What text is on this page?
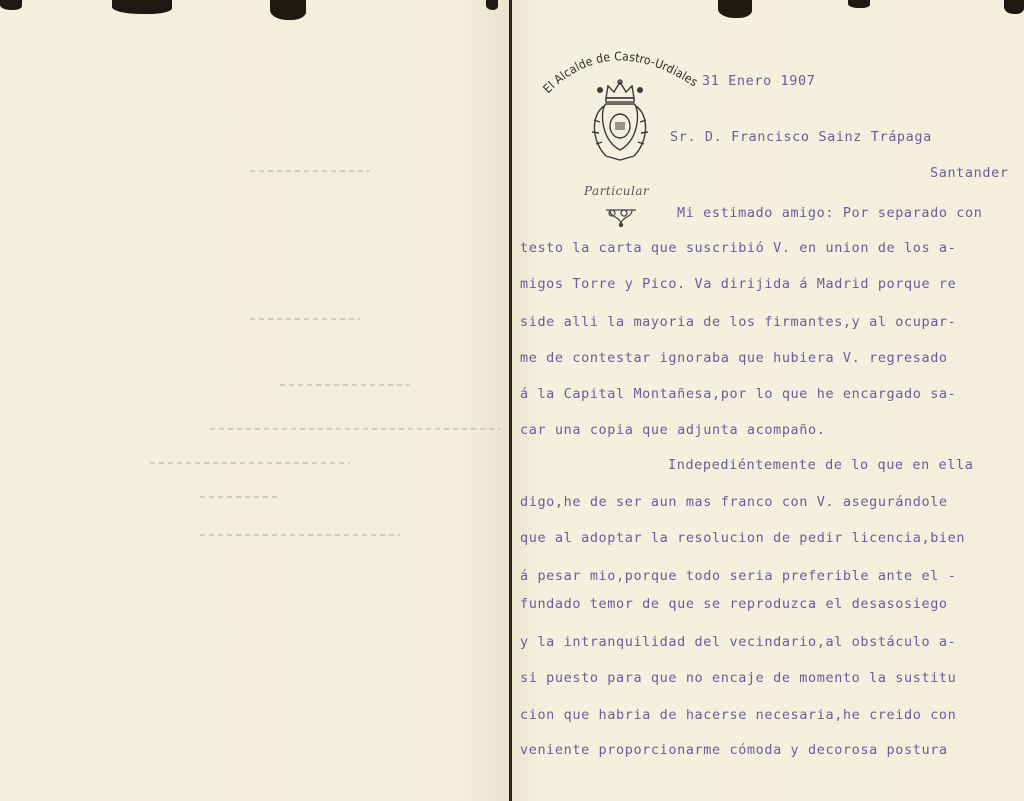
El Alcalde de Castro-Urdiales
Particular
31 Enero 1907
Sr. D. Francisco Sainz Trápaga
Santander
Mi estimado amigo: Por separado con
testo la carta que suscribió V. en union de los a-
migos Torre y Pico. Va dirijida á Madrid porque re
side alli la mayoria de los firmantes,y al ocupar-
me de contestar ignoraba que hubiera V. regresado
á la Capital Montañesa,por lo que he encargado sa-
car una copia que adjunta acompaño.
Indepediéntemente de lo que en ella
digo,he de ser aun mas franco con V. asegurándole
que al adoptar la resolucion de pedir licencia,bien
á pesar mio,porque todo seria preferible ante el -
fundado temor de que se reproduzca el desasosiego
y la intranquilidad del vecindario,al obstáculo a-
si puesto para que no encaje de momento la sustitu
cion que habria de hacerse necesaria,he creido con
veniente proporcionarme cómoda y decorosa postura
